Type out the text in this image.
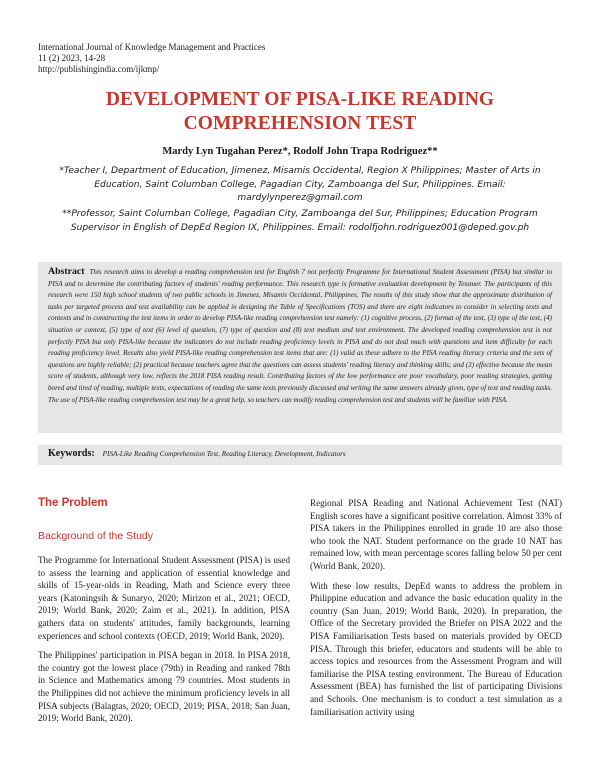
International Journal of Knowledge Management and Practices
11 (2) 2023, 14-28
http://publishingindia.com/ijkmp/
DEVELOPMENT OF PISA-LIKE READING
COMPREHENSION TEST
Mardy Lyn Tugahan Perez*, Rodolf John Trapa Rodriguez**
*Teacher I, Department of Education, Jimenez, Misamis Occidental, Region X Philippines; Master of Arts in Education, Saint Columban College, Pagadian City, Zamboanga del Sur, Philippines. Email: mardylynperez@gmail.com
**Professor, Saint Columban College, Pagadian City, Zamboanga del Sur, Philippines; Education Program Supervisor in English of DepEd Region IX, Philippines. Email: rodolfjohn.rodriguez001@deped.gov.ph
Abstract This research aims to develop a reading comprehension test for English 7 not perfectly Programme for International Student Assessment (PISA) but similar to PISA and to determine the contributing factors of students' reading performance. This research type is formative evaluation development by Tessmer. The participants of this research were 150 high school students of two public schools in Jimenez, Misamis Occidental, Philippines. The results of this study show that the approximate distribution of tasks per targeted process and text availability can be applied in designing the Table of Specifications (TOS) and there are eight indicators to consider in selecting texts and contexts and in constructing the test items in order to develop PISA-like reading comprehension test namely: (1) cognitive process, (2) format of the text, (3) type of the text, (4) situation or context, (5) type of text (6) level of question, (7) type of question and (8) text medium and text environment. The developed reading comprehension test is not perfectly PISA but only PISA-like because the indicators do not include reading proficiency levels in PISA and do not deal much with questions and item difficulty for each reading proficiency level. Results also yield PISA-like reading comprehension test items that are: (1) valid as these adhere to the PISA reading literacy criteria and the sets of questions are highly reliable; (2) practical because teachers agree that the questions can assess students' reading literacy and thinking skills; and (3) effective because the mean score of students, although very low, reflects the 2018 PISA reading result. Contributing factors of the low performance are poor vocabulary, poor reading strategies, getting bored and tired of reading, multiple texts, expectations of reading the same texts previously discussed and writing the same answers already given, type of text and reading tasks. The use of PISA-like reading comprehension test may be a great help, so teachers can modify reading comprehension test and students will be familiar with PISA.
Keywords: PISA-Like Reading Comprehension Test, Reading Literacy, Development, Indicators
The Problem
Background of the Study

The Programme for International Student Assessment (PISA) is used to assess the learning and application of essential knowledge and skills of 15-year-olds in Reading, Math and Science every three years (Katoningsih & Sunaryo, 2020; Mirizon et al., 2021; OECD, 2019; World Bank, 2020; Zaim et al., 2021). In addition, PISA gathers data on students' attitudes, family backgrounds, learning experiences and school contexts (OECD, 2019; World Bank, 2020).

The Philippines' participation in PISA began in 2018. In PISA 2018, the country got the lowest place (79th) in Reading and ranked 78th in Science and Mathematics among 79 countries. Most students in the Philippines did not achieve the minimum proficiency levels in all PISA subjects (Balagtas, 2020; OECD, 2019; PISA, 2018; San Juan, 2019; World Bank, 2020).

Regional PISA Reading and National Achievement Test (NAT) English scores have a significant positive correlation. Almost 33% of PISA takers in the Philippines enrolled in grade 10 are also those who took the NAT. Student performance on the grade 10 NAT has remained low, with mean percentage scores falling below 50 per cent (World Bank, 2020).

With these low results, DepEd wants to address the problem in Philippine education and advance the basic education quality in the country (San Juan, 2019; World Bank, 2020). In preparation, the Office of the Secretary provided the Briefer on PISA 2022 and the PISA Familiarisation Tests based on materials provided by OECD PISA. Through this briefer, educators and students will be able to access topics and resources from the Assessment Program and will familiarise the PISA testing environment. The Bureau of Education Assessment (BEA) has furnished the list of participating Divisions and Schools. One mechanism is to conduct a test simulation as a familiarisation activity using
